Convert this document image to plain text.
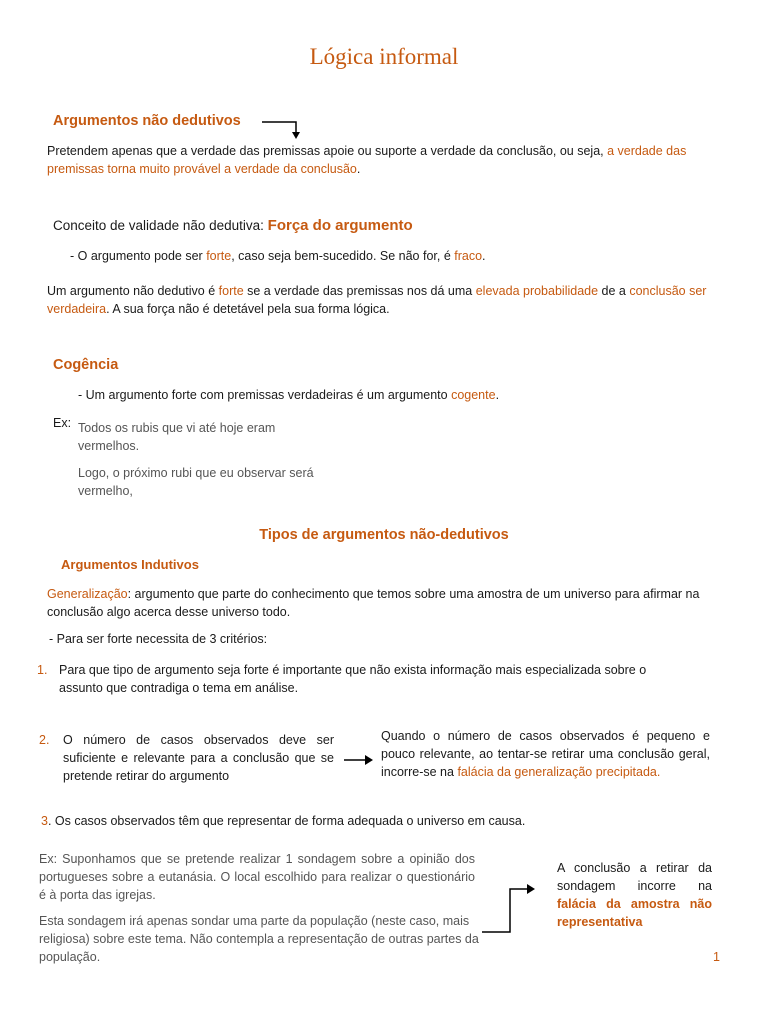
Lógica informal
Argumentos não dedutivos
Pretendem apenas que a verdade das premissas apoie ou suporte a verdade da conclusão, ou seja, a verdade das premissas torna muito provável a verdade da conclusão.
Conceito de validade não dedutiva: Força do argumento
- O argumento pode ser forte, caso seja bem-sucedido. Se não for, é fraco.
Um argumento não dedutivo é forte se a verdade das premissas nos dá uma elevada probabilidade de a conclusão ser verdadeira. A sua força não é detetável pela sua forma lógica.
Cogência
- Um argumento forte com premissas verdadeiras é um argumento cogente.
Ex: Todos os rubis que vi até hoje eram vermelhos.
Logo, o próximo rubi que eu observar será vermelho,
Tipos de argumentos não-dedutivos
Argumentos Indutivos
Generalização: argumento que parte do conhecimento que temos sobre uma amostra de um universo para afirmar na conclusão algo acerca desse universo todo.
- Para ser forte necessita de 3 critérios:
1. Para que tipo de argumento seja forte é importante que não exista informação mais especializada sobre o assunto que contradiga o tema em análise.
2. O número de casos observados deve ser suficiente e relevante para a conclusão que se pretende retirar do argumento
Quando o número de casos observados é pequeno e pouco relevante, ao tentar-se retirar uma conclusão geral, incorre-se na falácia da generalização precipitada.
3. Os casos observados têm que representar de forma adequada o universo em causa.
Ex: Suponhamos que se pretende realizar 1 sondagem sobre a opinião dos portugueses sobre a eutanásia. O local escolhido para realizar o questionário é à porta das igrejas.
Esta sondagem irá apenas sondar uma parte da população (neste caso, mais religiosa) sobre este tema. Não contempla a representação de outras partes da população.
A conclusão a retirar da sondagem incorre na falácia da amostra não representativa
1
